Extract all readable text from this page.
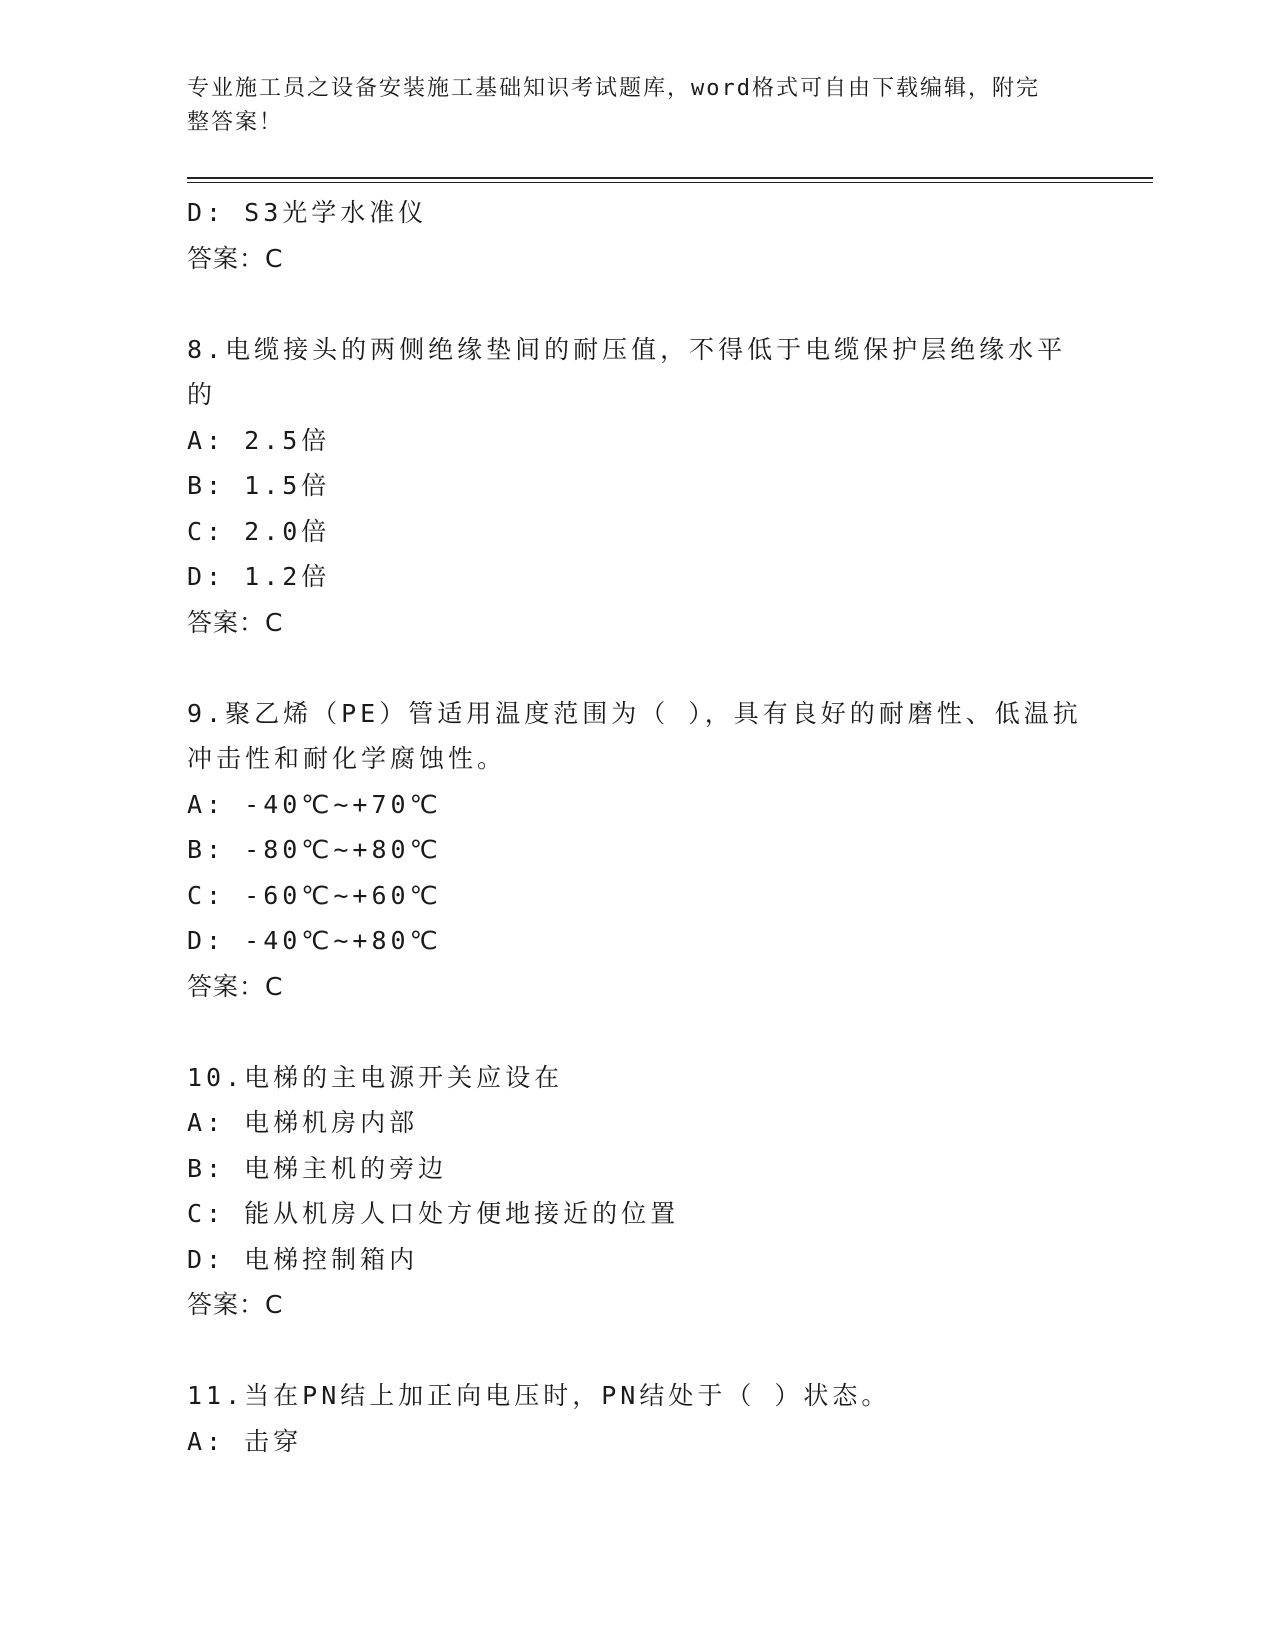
专业施工员之设备安装施工基础知识考试题库，word格式可自由下载编辑，附完
整答案！
D: S3光学水准仪
答案：C
8.电缆接头的两侧绝缘垫间的耐压值，不得低于电缆保护层绝缘水平
的
A: 2.5倍
B: 1.5倍
C: 2.0倍
D: 1.2倍
答案：C
9.聚乙烯（PE）管适用温度范围为（ ），具有良好的耐磨性、低温抗
冲击性和耐化学腐蚀性。
A: -40℃~+70℃
B: -80℃~+80℃
C: -60℃~+60℃
D: -40℃~+80℃
答案：C
10.电梯的主电源开关应设在
A: 电梯机房内部
B: 电梯主机的旁边
C: 能从机房人口处方便地接近的位置
D: 电梯控制箱内
答案：C
11.当在PN结上加正向电压时，PN结处于（ ）状态。
A: 击穿
